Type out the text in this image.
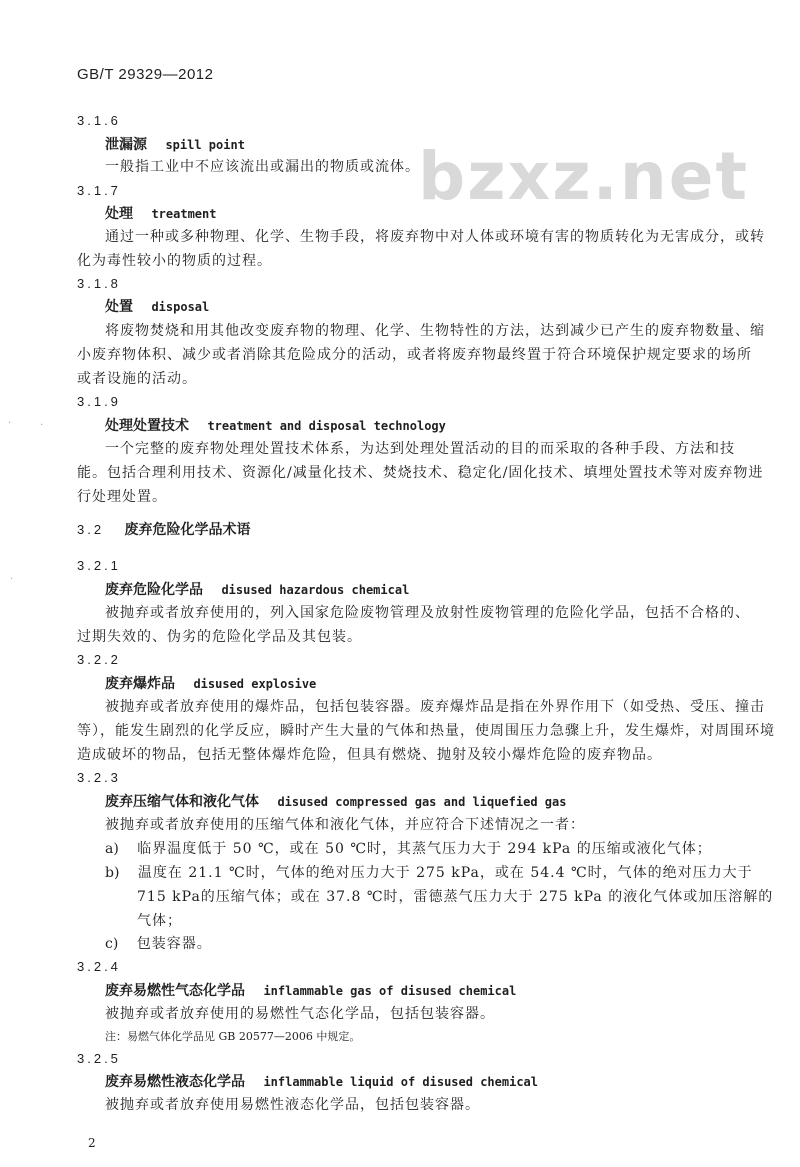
GB/T 29329—2012
bzxz.net
·	·
·
3.1.6
泄漏源 spill point
一般指工业中不应该流出或漏出的物质或流体。
3.1.7
处理 treatment
通过一种或多种物理、化学、生物手段，将废弃物中对人体或环境有害的物质转化为无害成分，或转
化为毒性较小的物质的过程。
3.1.8
处置 disposal
将废物焚烧和用其他改变废弃物的物理、化学、生物特性的方法，达到减少已产生的废弃物数量、缩
小废弃物体积、减少或者消除其危险成分的活动，或者将废弃物最终置于符合环境保护规定要求的场所
或者设施的活动。
3.1.9
处理处置技术 treatment and disposal technology
一个完整的废弃物处理处置技术体系，为达到处理处置活动的目的而采取的各种手段、方法和技
能。包括合理利用技术、资源化/减量化技术、焚烧技术、稳定化/固化技术、填埋处置技术等对废弃物进
行处理处置。
3.2 废弃危险化学品术语
3.2.1
废弃危险化学品 disused hazardous chemical
被抛弃或者放弃使用的，列入国家危险废物管理及放射性废物管理的危险化学品，包括不合格的、
过期失效的、伪劣的危险化学品及其包装。
3.2.2
废弃爆炸品 disused explosive
被抛弃或者放弃使用的爆炸品，包括包装容器。废弃爆炸品是指在外界作用下（如受热、受压、撞击
等），能发生剧烈的化学反应，瞬时产生大量的气体和热量，使周围压力急骤上升，发生爆炸，对周围环境
造成破坏的物品，包括无整体爆炸危险，但具有燃烧、抛射及较小爆炸危险的废弃物品。
3.2.3
废弃压缩气体和液化气体 disused compressed gas and liquefied gas
被抛弃或者放弃使用的压缩气体和液化气体，并应符合下述情况之一者：
a) 临界温度低于 50 ℃，或在 50 ℃时，其蒸气压力大于 294 kPa 的压缩或液化气体；
b) 温度在 21.1 ℃时，气体的绝对压力大于 275 kPa，或在 54.4 ℃时，气体的绝对压力大于
715 kPa的压缩气体；或在 37.8 ℃时，雷德蒸气压力大于 275 kPa 的液化气体或加压溶解的
气体；
c) 包装容器。
3.2.4
废弃易燃性气态化学品 inflammable gas of disused chemical
被抛弃或者放弃使用的易燃性气态化学品，包括包装容器。
注：易燃气体化学品见 GB 20577—2006 中规定。
3.2.5
废弃易燃性液态化学品 inflammable liquid of disused chemical
被抛弃或者放弃使用易燃性液态化学品，包括包装容器。
2
